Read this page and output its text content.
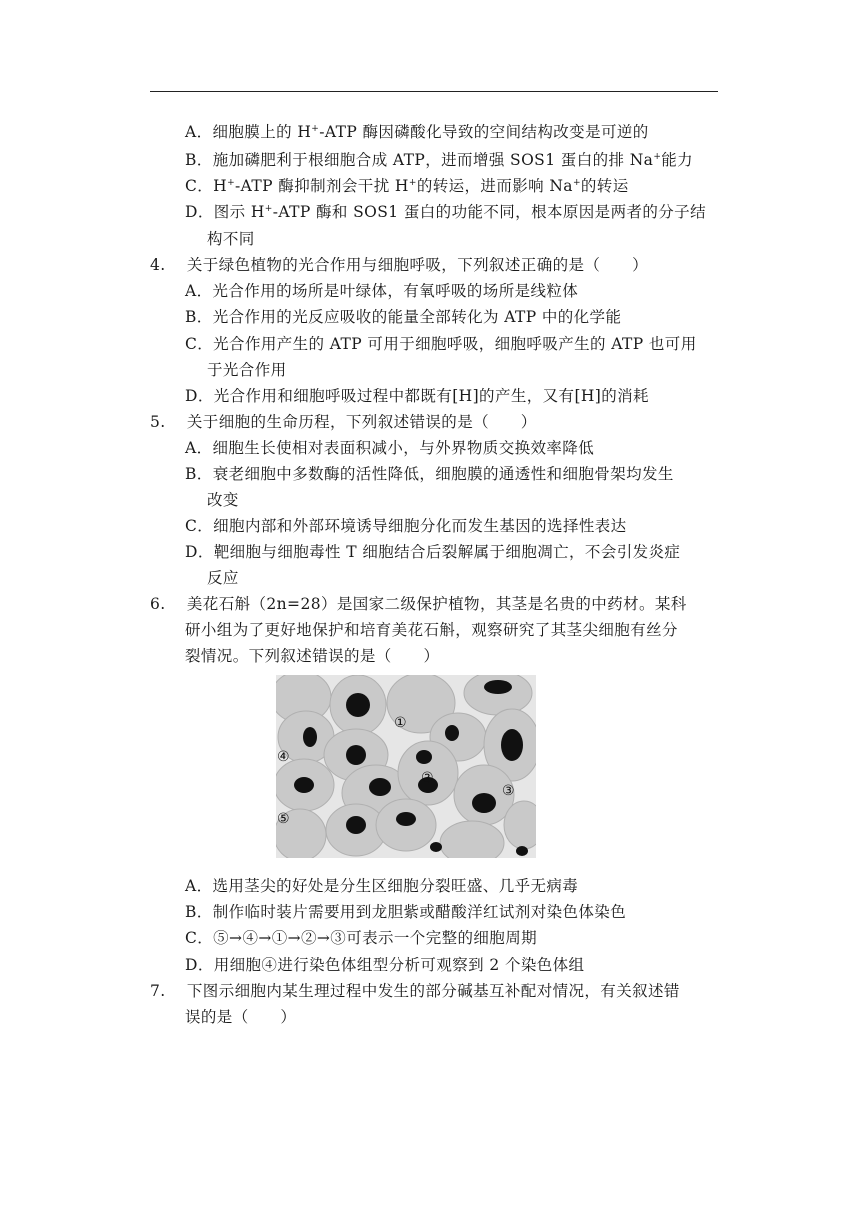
A．细胞膜上的 H+-ATP 酶因磷酸化导致的空间结构改变是可逆的
B．施加磷肥利于根细胞合成 ATP，进而增强 SOS1 蛋白的排 Na+能力
C．H+-ATP 酶抑制剂会干扰 H+的转运，进而影响 Na+的转运
D．图示 H+-ATP 酶和 SOS1 蛋白的功能不同，根本原因是两者的分子结
构不同
4. 关于绿色植物的光合作用与细胞呼吸，下列叙述正确的是（　　）
A．光合作用的场所是叶绿体，有氧呼吸的场所是线粒体
B．光合作用的光反应吸收的能量全部转化为 ATP 中的化学能
C．光合作用产生的 ATP 可用于细胞呼吸，细胞呼吸产生的 ATP 也可用
于光合作用
D．光合作用和细胞呼吸过程中都既有[H]的产生，又有[H]的消耗
5. 关于细胞的生命历程，下列叙述错误的是（　　）
A．细胞生长使相对表面积减小，与外界物质交换效率降低
B．衰老细胞中多数酶的活性降低，细胞膜的通透性和细胞骨架均发生
改变
C．细胞内部和外部环境诱导细胞分化而发生基因的选择性表达
D．靶细胞与细胞毒性 T 细胞结合后裂解属于细胞凋亡，不会引发炎症
反应
6. 美花石斛（2n=28）是国家二级保护植物，其茎是名贵的中药材。某科
研小组为了更好地保护和培育美花石斛，观察研究了其茎尖细胞有丝分
裂情况。下列叙述错误的是（　　）
①
②
③
④
⑤
A．选用茎尖的好处是分生区细胞分裂旺盛、几乎无病毒
B．制作临时装片需要用到龙胆紫或醋酸洋红试剂对染色体染色
C．⑤→④→①→②→③可表示一个完整的细胞周期
D．用细胞④进行染色体组型分析可观察到 2 个染色体组
7. 下图示细胞内某生理过程中发生的部分碱基互补配对情况，有关叙述错
误的是（　　）
